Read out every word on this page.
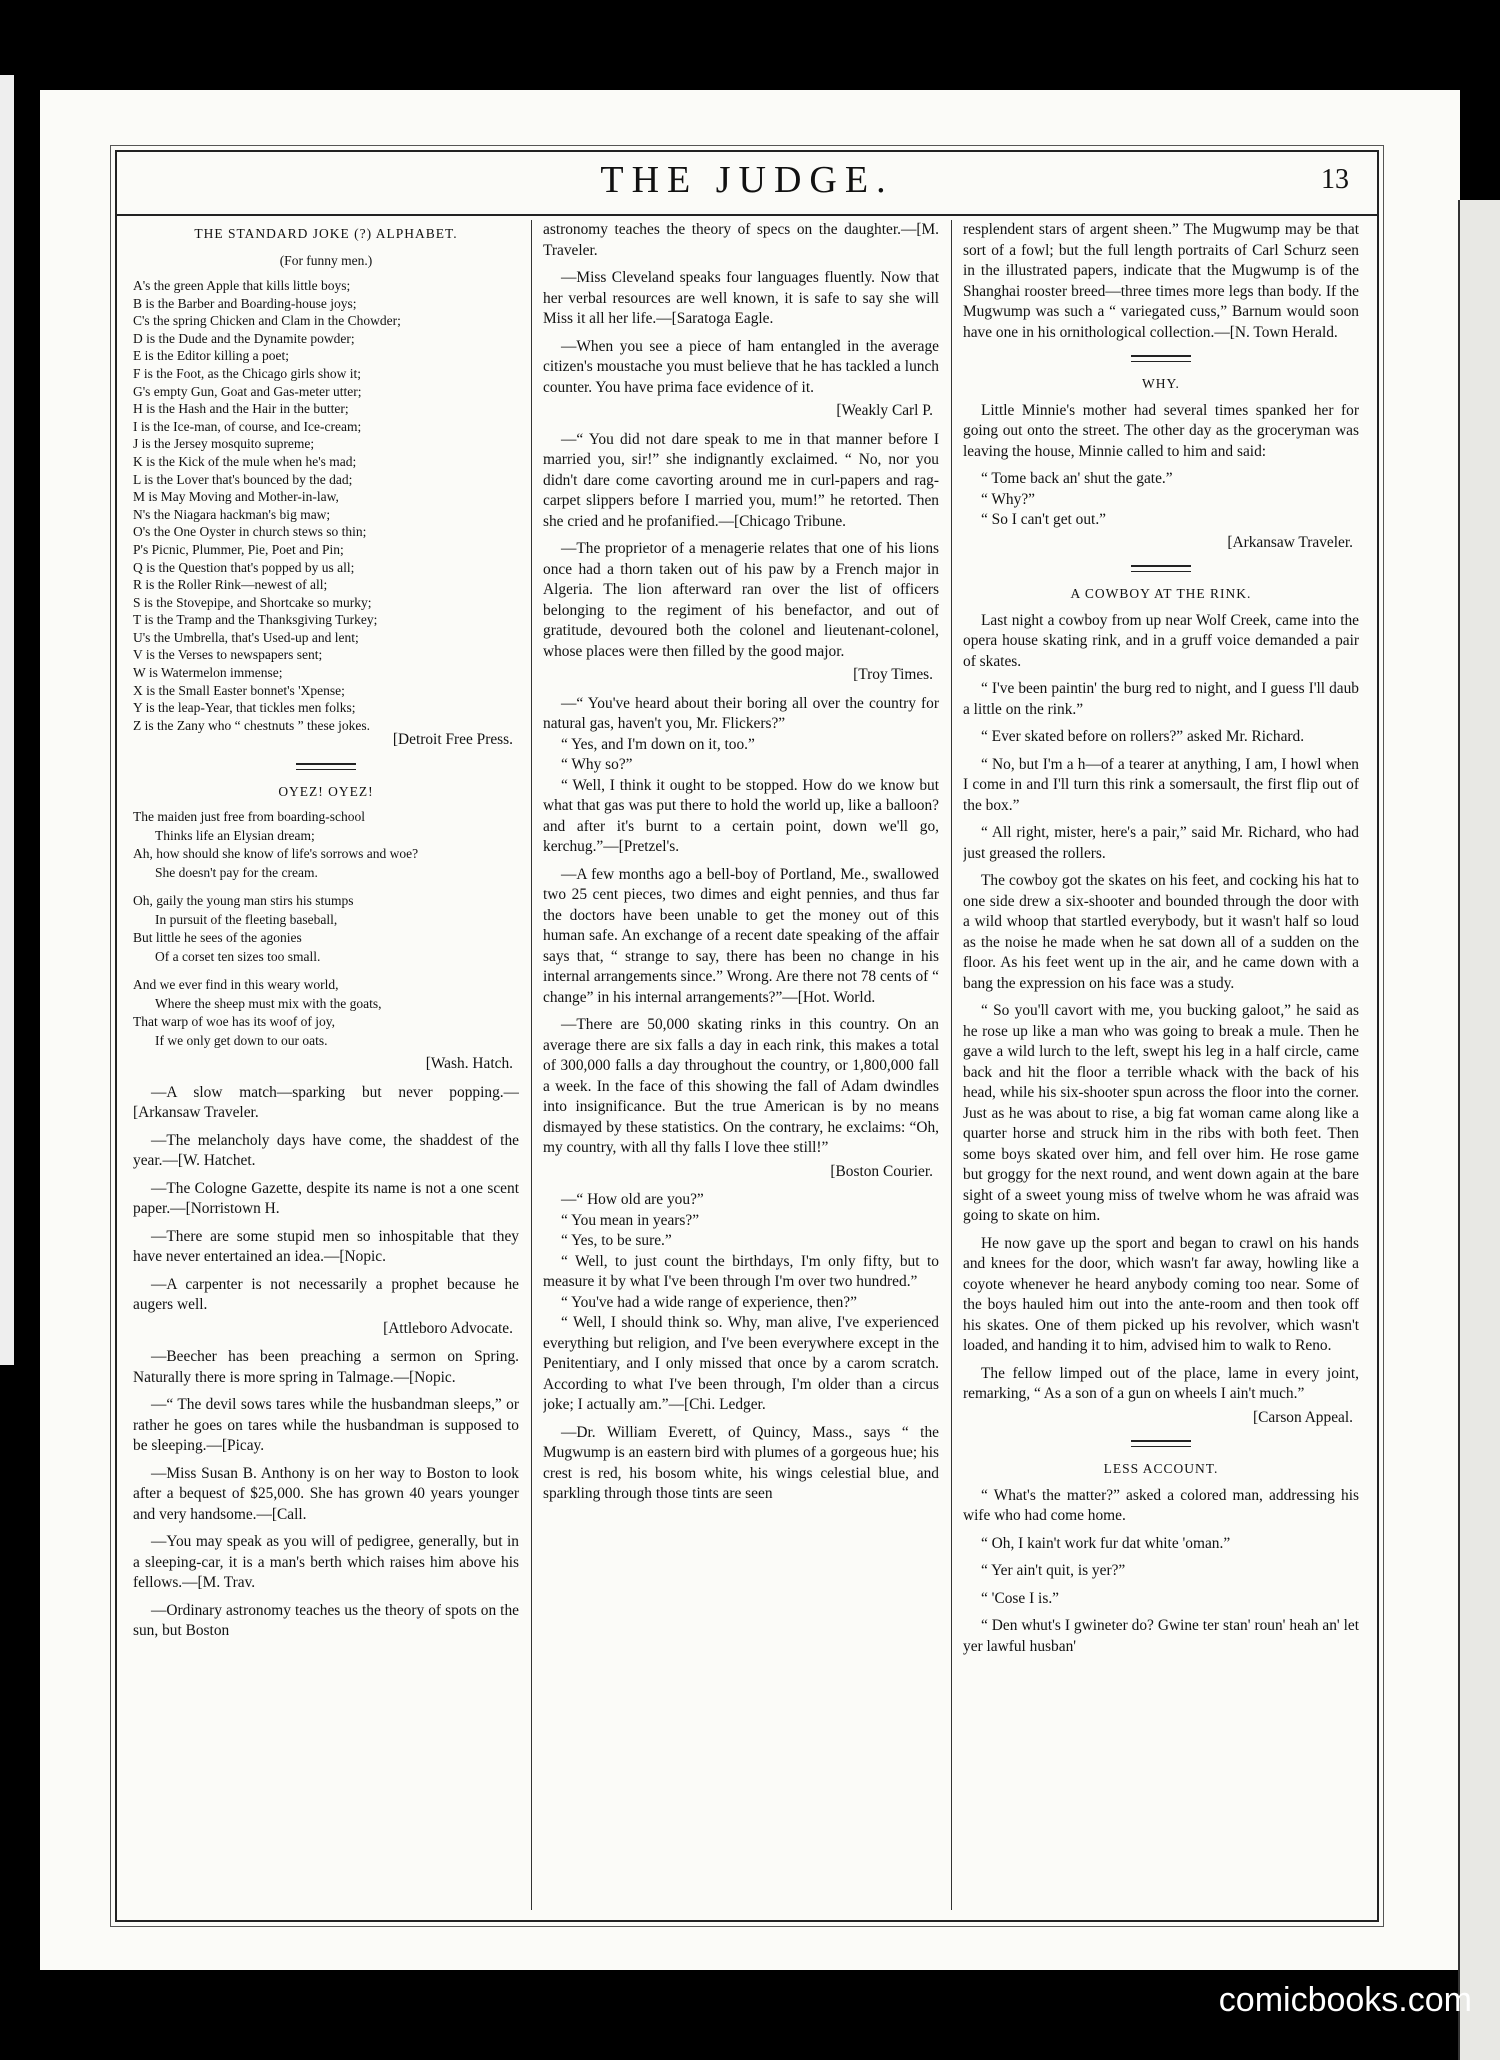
THE JUDGE.	13
THE STANDARD JOKE (?) ALPHABET.
(For funny men.)
A's the green Apple that kills little boys;
B is the Barber and Boarding-house joys;
C's the spring Chicken and Clam in the Chowder;
D is the Dude and the Dynamite powder;
E is the Editor killing a poet;
F is the Foot, as the Chicago girls show it;
G's empty Gun, Goat and Gas-meter utter;
H is the Hash and the Hair in the butter;
I is the Ice-man, of course, and Ice-cream;
J is the Jersey mosquito supreme;
K is the Kick of the mule when he's mad;
L is the Lover that's bounced by the dad;
M is May Moving and Mother-in-law,
N's the Niagara hackman's big maw;
O's the One Oyster in church stews so thin;
P's Picnic, Plummer, Pie, Poet and Pin;
Q is the Question that's popped by us all;
R is the Roller Rink—newest of all;
S is the Stovepipe, and Shortcake so murky;
T is the Tramp and the Thanksgiving Turkey;
U's the Umbrella, that's Used-up and lent;
V is the Verses to newspapers sent;
W is Watermelon immense;
X is the Small Easter bonnet's 'Xpense;
Y is the leap-Year, that tickles men folks;
Z is the Zany who “ chestnuts ” these jokes.
[Detroit Free Press.
OYEZ! OYEZ!
The maiden just free from boarding-school
Thinks life an Elysian dream;
Ah, how should she know of life's sorrows and woe?
She doesn't pay for the cream.
Oh, gaily the young man stirs his stumps
In pursuit of the fleeting baseball,
But little he sees of the agonies
Of a corset ten sizes too small.
And we ever find in this weary world,
Where the sheep must mix with the goats,
That warp of woe has its woof of joy,
If we only get down to our oats.
[Wash. Hatch.

—A slow match—sparking but never popping.—[Arkansaw Traveler.

—The melancholy days have come, the shaddest of the year.—[W. Hatchet.

—The Cologne Gazette, despite its name is not a one scent paper.—[Norristown H.

—There are some stupid men so inhospitable that they have never entertained an idea.—[Nopic.

—A carpenter is not necessarily a prophet because he augers well.

[Attleboro Advocate.

—Beecher has been preaching a sermon on Spring. Naturally there is more spring in Talmage.—[Nopic.

—“ The devil sows tares while the husbandman sleeps,” or rather he goes on tares while the husbandman is supposed to be sleeping.—[Picay.

—Miss Susan B. Anthony is on her way to Boston to look after a bequest of $25,000. She has grown 40 years younger and very handsome.—[Call.

—You may speak as you will of pedigree, generally, but in a sleeping-car, it is a man's berth which raises him above his fellows.—[M. Trav.

—Ordinary astronomy teaches us the theory of spots on the sun, but Boston

astronomy teaches the theory of specs on the daughter.—[M. Traveler.

—Miss Cleveland speaks four languages fluently. Now that her verbal resources are well known, it is safe to say she will Miss it all her life.—[Saratoga Eagle.

—When you see a piece of ham entangled in the average citizen's moustache you must believe that he has tackled a lunch counter. You have prima face evidence of it.

[Weakly Carl P.

—“ You did not dare speak to me in that manner before I married you, sir!” she indignantly exclaimed. “ No, nor you didn't dare come cavorting around me in curl-papers and rag-carpet slippers before I married you, mum!” he retorted. Then she cried and he profanified.—[Chicago Tribune.

—The proprietor of a menagerie relates that one of his lions once had a thorn taken out of his paw by a French major in Algeria. The lion afterward ran over the list of officers belonging to the regiment of his benefactor, and out of gratitude, devoured both the colonel and lieutenant-colonel, whose places were then filled by the good major.

[Troy Times.
—“ You've heard about their boring all over the country for natural gas, haven't you, Mr. Flickers?”
“ Yes, and I'm down on it, too.”
“ Why so?”
“ Well, I think it ought to be stopped. How do we know but what that gas was put there to hold the world up, like a balloon? and after it's burnt to a certain point, down we'll go, kerchug.”—[Pretzel's.

—A few months ago a bell-boy of Portland, Me., swallowed two 25 cent pieces, two dimes and eight pennies, and thus far the doctors have been unable to get the money out of this human safe. An exchange of a recent date speaking of the affair says that, “ strange to say, there has been no change in his internal arrangements since.” Wrong. Are there not 78 cents of “ change” in his internal arrangements?”—[Hot. World.

—There are 50,000 skating rinks in this country. On an average there are six falls a day in each rink, this makes a total of 300,000 falls a day throughout the country, or 1,800,000 fall a week. In the face of this showing the fall of Adam dwindles into insignificance. But the true American is by no means dismayed by these statistics. On the contrary, he exclaims: “Oh, my country, with all thy falls I love thee still!”

[Boston Courier.
—“ How old are you?”
“ You mean in years?”
“ Yes, to be sure.”
“ Well, to just count the birthdays, I'm only fifty, but to measure it by what I've been through I'm over two hundred.”
“ You've had a wide range of experience, then?”
“ Well, I should think so. Why, man alive, I've experienced everything but religion, and I've been everywhere except in the Penitentiary, and I only missed that once by a carom scratch. According to what I've been through, I'm older than a circus joke; I actually am.”—[Chi. Ledger.

—Dr. William Everett, of Quincy, Mass., says “ the Mugwump is an eastern bird with plumes of a gorgeous hue; his crest is red, his bosom white, his wings celestial blue, and sparkling through those tints are seen

resplendent stars of argent sheen.” The Mugwump may be that sort of a fowl; but the full length portraits of Carl Schurz seen in the illustrated papers, indicate that the Mugwump is of the Shanghai rooster breed—three times more legs than body. If the Mugwump was such a “ variegated cuss,” Barnum would soon have one in his ornithological collection.—[N. Town Herald.

WHY.

Little Minnie's mother had several times spanked her for going out onto the street. The other day as the groceryman was leaving the house, Minnie called to him and said:

“ Tome back an' shut the gate.”
“ Why?”
“ So I can't get out.”
[Arkansaw Traveler.
A COWBOY AT THE RINK.

Last night a cowboy from up near Wolf Creek, came into the opera house skating rink, and in a gruff voice demanded a pair of skates.

“ I've been paintin' the burg red to night, and I guess I'll daub a little on the rink.”

“ Ever skated before on rollers?” asked Mr. Richard.

“ No, but I'm a h—of a tearer at anything, I am, I howl when I come in and I'll turn this rink a somersault, the first flip out of the box.”

“ All right, mister, here's a pair,” said Mr. Richard, who had just greased the rollers.

The cowboy got the skates on his feet, and cocking his hat to one side drew a six-shooter and bounded through the door with a wild whoop that startled everybody, but it wasn't half so loud as the noise he made when he sat down all of a sudden on the floor. As his feet went up in the air, and he came down with a bang the expression on his face was a study.

“ So you'll cavort with me, you bucking galoot,” he said as he rose up like a man who was going to break a mule. Then he gave a wild lurch to the left, swept his leg in a half circle, came back and hit the floor a terrible whack with the back of his head, while his six-shooter spun across the floor into the corner. Just as he was about to rise, a big fat woman came along like a quarter horse and struck him in the ribs with both feet. Then some boys skated over him, and fell over him. He rose game but groggy for the next round, and went down again at the bare sight of a sweet young miss of twelve whom he was afraid was going to skate on him.

He now gave up the sport and began to crawl on his hands and knees for the door, which wasn't far away, howling like a coyote whenever he heard anybody coming too near. Some of the boys hauled him out into the ante-room and then took off his skates. One of them picked up his revolver, which wasn't loaded, and handing it to him, advised him to walk to Reno.

The fellow limped out of the place, lame in every joint, remarking, “ As a son of a gun on wheels I ain't much.”

[Carson Appeal.
LESS ACCOUNT.

“ What's the matter?” asked a colored man, addressing his wife who had come home.

“ Oh, I kain't work fur dat white 'oman.”

“ Yer ain't quit, is yer?”

“ 'Cose I is.”

“ Den whut's I gwineter do? Gwine ter stan' roun' heah an' let yer lawful husban'

comicbooks.com
